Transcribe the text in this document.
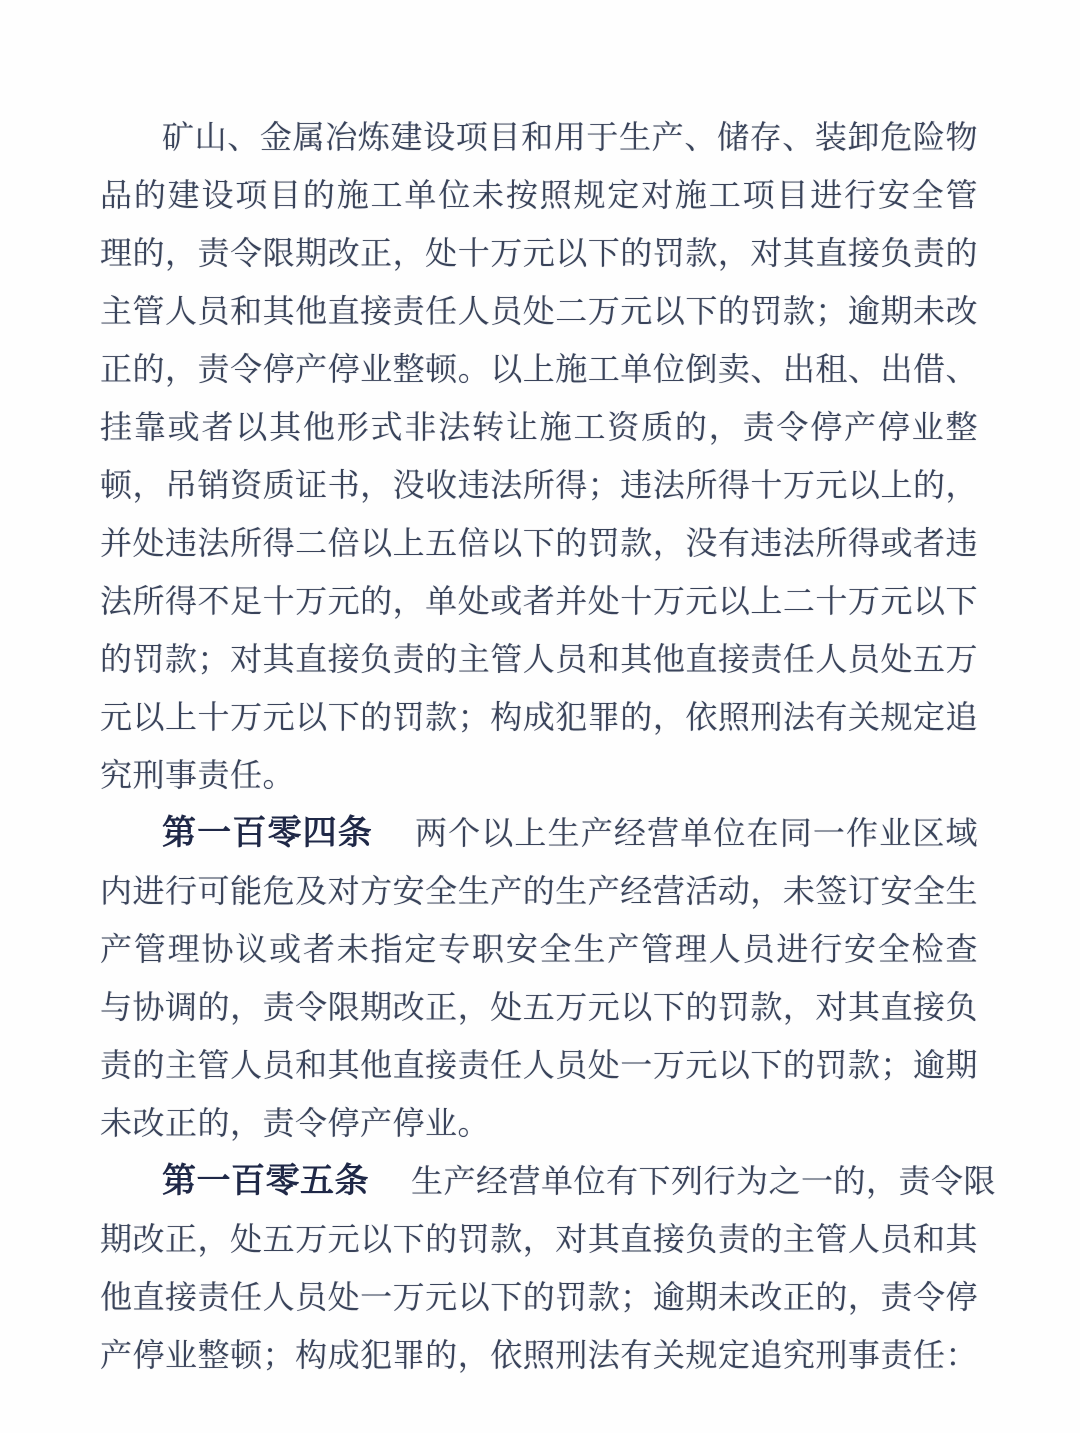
矿山、金属冶炼建设项目和用于生产、储存、装卸危险物
品的建设项目的施工单位未按照规定对施工项目进行安全管
理的，责令限期改正，处十万元以下的罚款，对其直接负责的
主管人员和其他直接责任人员处二万元以下的罚款；逾期未改
正的，责令停产停业整顿。以上施工单位倒卖、出租、出借、
挂靠或者以其他形式非法转让施工资质的，责令停产停业整
顿，吊销资质证书，没收违法所得；违法所得十万元以上的，
并处违法所得二倍以上五倍以下的罚款，没有违法所得或者违
法所得不足十万元的，单处或者并处十万元以上二十万元以下
的罚款；对其直接负责的主管人员和其他直接责任人员处五万
元以上十万元以下的罚款；构成犯罪的，依照刑法有关规定追
究刑事责任。
第一百零四条 两个以上生产经营单位在同一作业区域
内进行可能危及对方安全生产的生产经营活动，未签订安全生
产管理协议或者未指定专职安全生产管理人员进行安全检查
与协调的，责令限期改正，处五万元以下的罚款，对其直接负
责的主管人员和其他直接责任人员处一万元以下的罚款；逾期
未改正的，责令停产停业。
第一百零五条 生产经营单位有下列行为之一的，责令限
期改正，处五万元以下的罚款，对其直接负责的主管人员和其
他直接责任人员处一万元以下的罚款；逾期未改正的，责令停
产停业整顿；构成犯罪的，依照刑法有关规定追究刑事责任：
